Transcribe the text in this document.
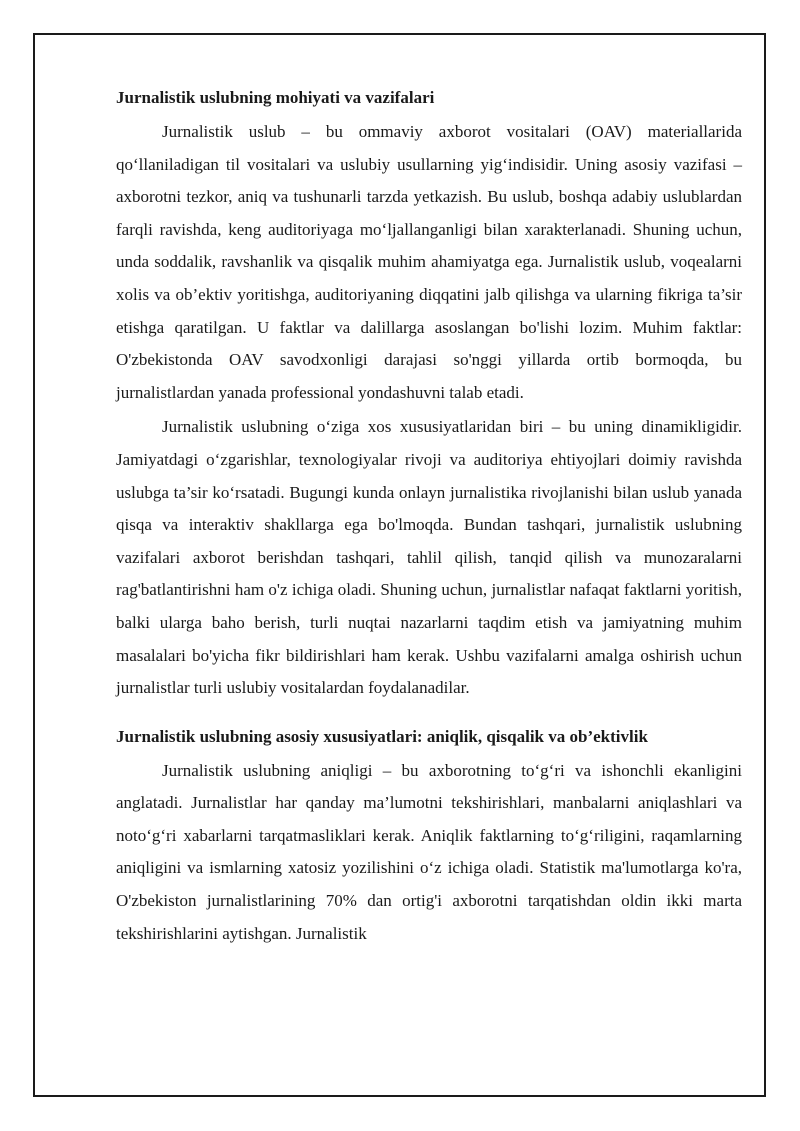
Jurnalistik uslubning mohiyati va vazifalari

Jurnalistik uslub – bu ommaviy axborot vositalari (OAV) materiallarida qo‘llaniladigan til vositalari va uslubiy usullarning yig‘indisidir. Uning asosiy vazifasi – axborotni tezkor, aniq va tushunarli tarzda yetkazish. Bu uslub, boshqa adabiy uslublardan farqli ravishda, keng auditoriyaga mo‘ljallanganligi bilan xarakterlanadi. Shuning uchun, unda soddalik, ravshanlik va qisqalik muhim ahamiyatga ega. Jurnalistik uslub, voqealarni xolis va ob’ektiv yoritishga, auditoriyaning diqqatini jalb qilishga va ularning fikriga ta’sir etishga qaratilgan. U faktlar va dalillarga asoslangan bo'lishi lozim. Muhim faktlar: O'zbekistonda OAV savodxonligi darajasi so'nggi yillarda ortib bormoqda, bu jurnalistlardan yanada professional yondashuvni talab etadi.

Jurnalistik uslubning o‘ziga xos xususiyatlaridan biri – bu uning dinamikligidir. Jamiyatdagi o‘zgarishlar, texnologiyalar rivoji va auditoriya ehtiyojlari doimiy ravishda uslubga ta’sir ko‘rsatadi. Bugungi kunda onlayn jurnalistika rivojlanishi bilan uslub yanada qisqa va interaktiv shakllarga ega bo'lmoqda. Bundan tashqari, jurnalistik uslubning vazifalari axborot berishdan tashqari, tahlil qilish, tanqid qilish va munozaralarni rag'batlantirishni ham o'z ichiga oladi. Shuning uchun, jurnalistlar nafaqat faktlarni yoritish, balki ularga baho berish, turli nuqtai nazarlarni taqdim etish va jamiyatning muhim masalalari bo'yicha fikr bildirishlari ham kerak. Ushbu vazifalarni amalga oshirish uchun jurnalistlar turli uslubiy vositalardan foydalanadilar.

Jurnalistik uslubning asosiy xususiyatlari: aniqlik, qisqalik va ob’ektivlik

Jurnalistik uslubning aniqligi – bu axborotning to‘g‘ri va ishonchli ekanligini anglatadi. Jurnalistlar har qanday ma’lumotni tekshirishlari, manbalarni aniqlashlari va noto‘g‘ri xabarlarni tarqatmasliklari kerak. Aniqlik faktlarning to‘g‘riligini, raqamlarning aniqligini va ismlarning xatosiz yozilishini o‘z ichiga oladi. Statistik ma'lumotlarga ko'ra, O'zbekiston jurnalistlarining 70% dan ortig'i axborotni tarqatishdan oldin ikki marta tekshirishlarini aytishgan. Jurnalistik
